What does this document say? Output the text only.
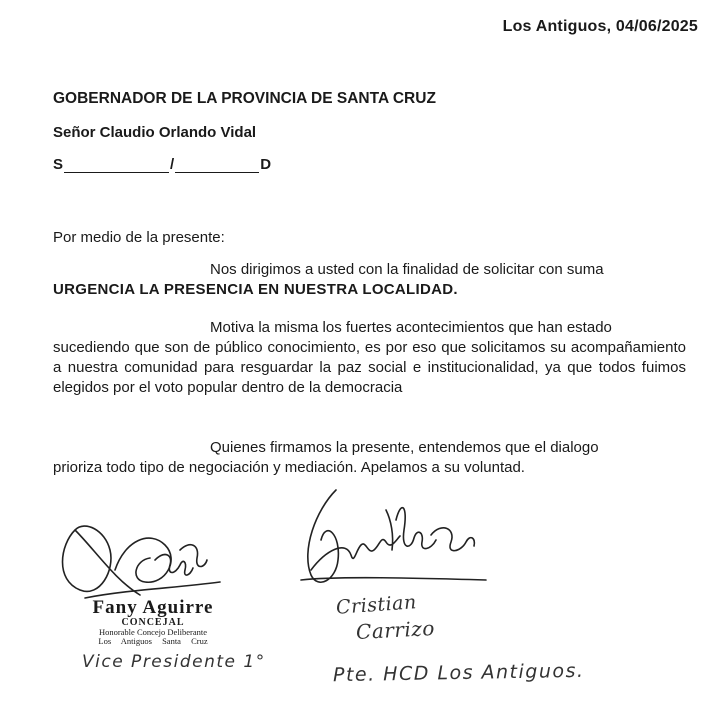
Los Antiguos, 04/06/2025
GOBERNADOR DE LA PROVINCIA DE SANTA CRUZ
Señor Claudio Orlando Vidal
S	/	D
Por medio de la presente:
Nos dirigimos a usted con la finalidad de solicitar con suma
URGENCIA LA PRESENCIA EN NUESTRA LOCALIDAD.
Motiva la misma los fuertes acontecimientos que han estado
sucediendo que son de público conocimiento, es por eso que solicitamos su acompañamiento a nuestra comunidad para resguardar la paz social e institucionalidad, ya que todos fuimos elegidos por el voto popular dentro de la democracia
Quienes firmamos la presente, entendemos que el dialogo
prioriza todo tipo de negociación y mediación. Apelamos a su voluntad.
Fany Aguirre
CONCEJAL
Honorable Concejo Deliberante
Los Antiguos Santa Cruz
Vice Presidente 1°
Cristian
Carrizo
Pte. HCD Los Antiguos.
